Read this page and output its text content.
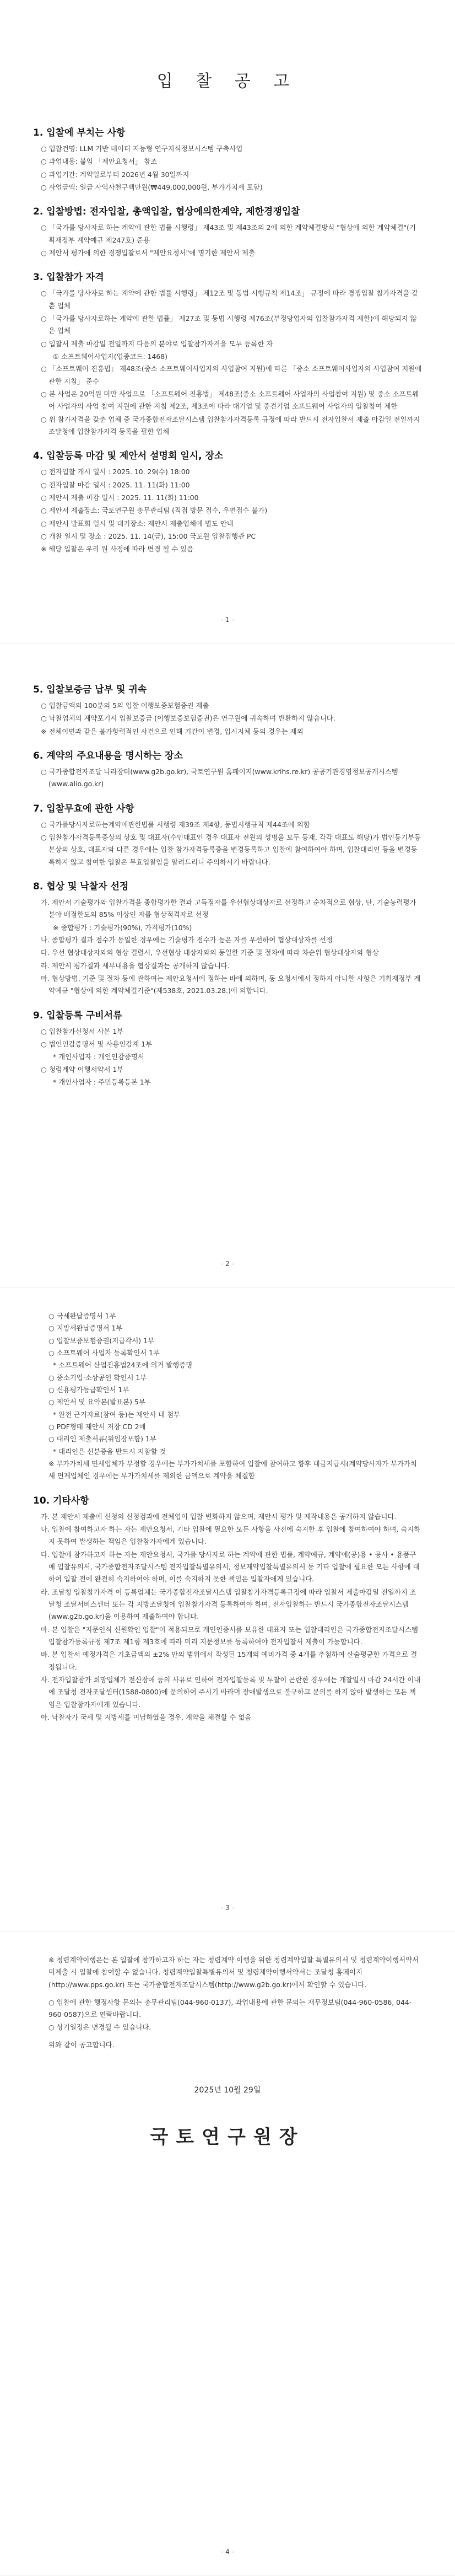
입 찰 공 고
1. 입찰에 부치는 사항
○ 입찰건명: LLM 기반 데이터 지능형 연구지식정보시스템 구축사업
○ 과업내용: 붙임 「제안요청서」 참조
○ 과업기간: 계약일로부터 2026년 4월 30일까지
○ 사업금액: 일금 사억사천구백만원(₩449,000,000원, 부가가치세 포함)
2. 입찰방법: 전자입찰, 총액입찰, 협상에의한계약, 제한경쟁입찰
○ 「국가를 당사자로 하는 계약에 관한 법률 시행령」 제43조 및 제43조의 2에 의한 계약체결방식 "협상에 의한 계약체결"(기획재정부 계약예규 제247호) 준용
○ 제안서 평가에 의한 경쟁입찰로서 "제안요청서"에 명기한 제안서 제출
3. 입찰참가 자격
○ 「국가를 당사자로 하는 계약에 관한 법률 시행령」 제12조 및 동법 시행규칙 제14조」 규정에 따라 경쟁입찰 참가자격을 갖춘 업체
○ 「국가를 당사자로하는 계약에 관한 법률」 제27조 및 동법 시행령 제76조(부정당업자의 입찰참가자격 제한)에 해당되지 않은 업체
○ 입찰서 제출 마감일 전일까지 다음의 분야로 입찰참가자격을 모두 등록한 자
① 소프트웨어사업자(업종코드: 1468)
○ 「소프트웨어 진흥법」 제48조(중소 소프트웨어사업자의 사업참여 지원)에 따른 「중소 소프트웨어사업자의 사업참여 지원에 관한 지침」 준수
○ 본 사업은 20억원 미만 사업으로 「소프트웨어 진흥법」 제48조(중소 소프트웨어 사업자의 사업참여 지원) 및 중소 소프트웨어 사업자의 사업 참여 지원에 관한 지침 제2조, 제3조에 따라 대기업 및 중견기업 소프트웨어 사업자의 입찰참여 제한
○ 위 참가자격을 갖춘 업체 중 국가종합전자조달시스템 입찰참가자격등록 규정에 따라 반드시 전자입찰서 제출 마감일 전일까지 조달청에 입찰참가자격 등록을 필한 업체
4. 입찰등록 마감 및 제안서 설명회 일시, 장소
○ 전자입찰 개시 일시 : 2025. 10. 29(수) 18:00
○ 전자입찰 마감 일시 : 2025. 11. 11(화) 11:00
○ 제안서 제출 마감 일시 : 2025. 11. 11(화) 11:00
○ 제안서 제출장소: 국토연구원 총무관리팀 (직접 방문 접수, 우편접수 불가)
○ 제안서 발표회 일시 및 대기장소: 제안서 제출업체에 별도 안내
○ 개찰 일시 및 장소 : 2025. 11. 14(금), 15:00 국토원 입찰집행관 PC
※ 해당 입찰은 우리 원 사정에 따라 변경 될 수 있음
- 1 -
5. 입찰보증금 납부 및 귀속
○ 입찰금액의 100분의 5의 입찰 이행보증보험증권 제출
○ 낙찰업체의 계약포기시 입찰보증금 (이행보증보험증권)은 연구원에 귀속하며 반환하지 않습니다.
※ 전체이면과 같은 불가항력적인 사건으로 인해 기간이 변경, 입시지체 등의 경우는 제외
6. 계약의 주요내용을 명시하는 장소
○ 국가종합전자조달 나라장터(www.g2b.go.kr), 국토연구원 홈페이지(www.krihs.re.kr) 공공기관경영정보공개시스템(www.alio.go.kr)
7. 입찰무효에 관한 사항
○ 국가를당사자로하는계약에관한법률 시행령 제39조 제4항, 동법시행규칙 제44조에 의함
○ 입찰참가자격등록증상의 상호 및 대표자(수인대표인 경우 대표자 전원의 성명을 모두 등재, 각각 대표도 해당)가 법인등기부등본상의 상호, 대표자와 다른 경우에는 입찰 참가자격등록증을 변경등록하고 입찰에 참여하여야 하며, 입찰대리인 등을 변경등록하지 않고 참여한 입찰은 무효입찰임을 알려드리니 주의하시기 바랍니다.
8. 협상 및 낙찰자 선정
가. 제안서 기술평가와 입찰가격을 종합평가한 결과 고득점자를 우선협상대상자로 선정하고 순차적으로 협상, 단, 기술능력평가분야 배점한도의 85% 이상인 자를 협상적격자로 선정
※ 종합평가 : 기술평가(90%), 가격평가(10%)
나. 종합평가 결과 점수가 동일한 경우에는 기술평가 점수가 높은 자를 우선하여 협상대상자를 선정
다. 우선 협상대상자와의 협상 결렬시, 우선협상 대상자와의 동일한 기준 및 절차에 따라 차순위 협상대상자와 협상
라. 제안서 평가결과 세부내용을 협상결과는 공개하지 않습니다.
마. 협상방법, 기준 및 절차 등에 관하여는 제안요청서에 정하는 바에 의하며, 동 요청서에서 정하지 아니한 사항은 기획재정부 계약예규 "협상에 의한 계약체결기준"(제538호, 2021.03.28.)에 의합니다.
9. 입찰등록 구비서류
○ 입찰참가신청서 사본 1부
○ 법인인감증명서 및 사용인감계 1부
* 개인사업자 : 개인인감증명서
○ 청렴계약 이행서약서 1부
* 개인사업자 : 주민등록등본 1부
- 2 -
○ 국세완납증명서 1부
○ 지방세완납증명서 1부
○ 입찰보증보험증권(지급각서) 1부
○ 소프트웨어 사업자 등록확인서 1부
* 소프트웨어 산업진흥법24조에 의거 발행증명
○ 중소기업·소상공인 확인서 1부
○ 신용평가등급확인서 1부
○ 제안서 및 요약본(발표본) 5부
* 완전 근거자료(참여 등)는 제안서 내 첨부
○ PDF형태 제안서 저장 CD 2매
○ 대리인 제출서류(위임장포함) 1부
* 대리인은 신분증을 반드시 지참할 것
※ 부가가치세 면세업체가 부정할 경우에는 부가가치세를 포함하여 입찰에 참여하고 향후 대금지급시(계약당사자가 부가가치세 면제업체인 경우에는 부가가치세를 제외한 금액으로 계약을 체결함
10. 기타사항
가. 본 제안서 제출에 신청의 신청검과에 전체업이 입찰 변화하지 않으며, 재안서 평가 및 제작내용은 공개하지 않습니다.
나. 입찰에 참여하고자 하는 자는 제안요청서, 기타 입찰에 필요한 모든 사항을 사전에 숙지한 후 입찰에 참여하여야 하며, 숙지하지 못하여 발생하는 책임은 입찰참가자에게 있습니다.
다. 입찰에 참가하고자 하는 자는 제안요청서, 국가를 당사자로 하는 계약에 관한 법률, 계약예규, 계약에(공)용 • 공사 • 용품구매 입찰유의서, 국가종합전자조달시스템 전자입찰특별유의서, 정보제약입찰특별유의서 등 기타 입찰에 필요한 모든 사항에 대하여 입찰 전에 완전히 숙지하여야 하며, 이를 숙지하지 못한 책임은 입찰자에게 있습니다.
라. 조달청 입찰참가자격 이 등록업체는 국가종합전자조달시스템 입찰참가자격등록규정에 따라 입찰서 제출마감일 전일까지 조달청 조달서비스센터 또는 각 지방조달청에 입찰참가자격 등록하여야 하며, 전자입찰하는 반드시 국가종합전자조달시스템(www.g2b.go.kr)을 이용하여 제출하여야 합니다.
마. 본 입찰은 "지문인식 신원확인 입찰"이 적용되므로 개인인증서를 보유한 대표자 또는 입찰대리인은 국가종합전자조달시스템 입찰참가등록규정 제7조 제1항 제3호에 따라 미리 지문정보를 등록하여야 전자입찰서 제출이 가능합니다.
바. 본 입찰서 예정가격은 기초금액의 ±2% 만의 범위에서 작성된 15개의 예비가격 중 4개를 추첨하여 산술평균한 가격으로 결정됩니다.
사. 전자입찰참가 희망업체가 전산장애 등의 사유로 인하여 전자입찰등록 및 투찰이 곤란한 경우에는 개찰일시 마감 24시간 이내에 조달청 전자조달센터(1588-0800)에 문의하여 주시기 바라며 장애발생으로 불구하고 문의를 하지 않아 발생하는 모든 책임은 입찰참가자에게 있습니다.
아. 낙찰자가 국세 및 지방세를 미납하였을 경우, 계약을 체결할 수 없음
- 3 -
※ 청렴계약이행은는 본 입찰에 참가하고자 하는 자는 청렴계약 이행을 위한 청렴계약입찰 특별유의서 및 청렴계약이행서약서 미제출 시 입찰에 참여할 수 없습니다. 청렴계약입찰특별유의서 및 청렴계약이행서약서는 조달청 홈페이지(http://www.pps.go.kr) 또는 국가종합전자조달시스템(http://www.g2b.go.kr)에서 확인할 수 있습니다.
○ 입찰에 관한 행정사항 문의는 총무관리팀(044-960-0137), 과업내용에 관한 문의는 재무정보팀(044-960-0586, 044-960-0587)으로 연락바랍니다.
○ 상기일정은 변경될 수 있습니다.
위와 같이 공고합니다.
2025년 10월 29일
국토연구원장
- 4 -
